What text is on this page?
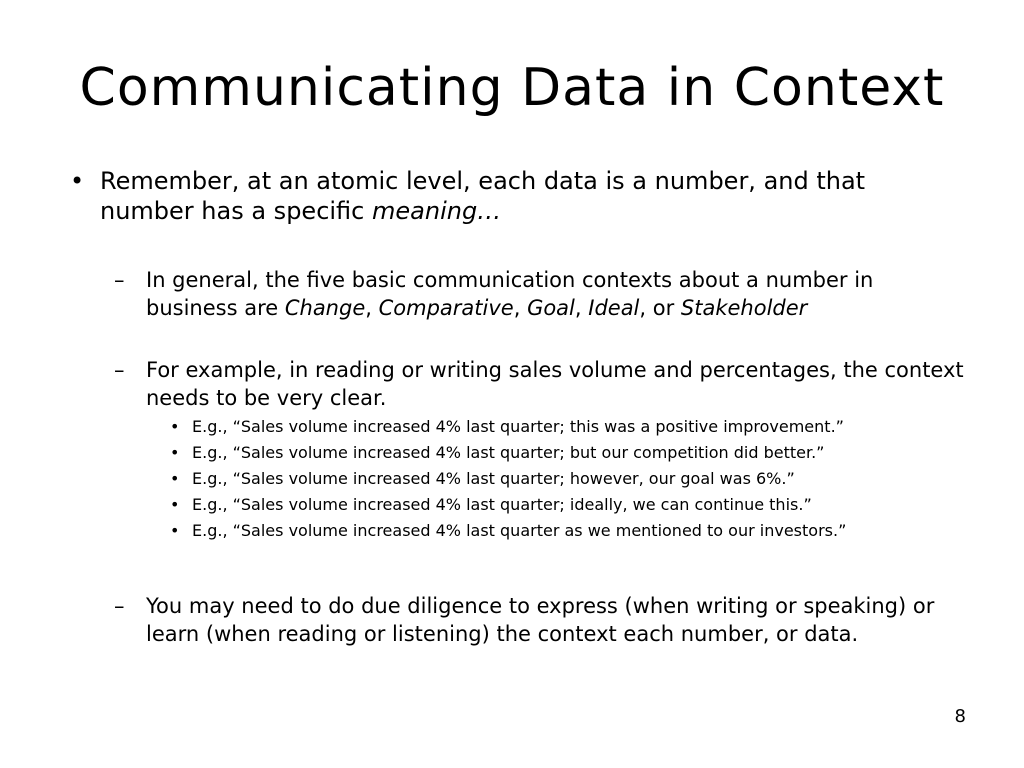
Communicating Data in Context
• Remember, at an atomic level, each data is a number, and that number has a specific meaning…
– In general, the five basic communication contexts about a number in business are Change, Comparative, Goal, Ideal, or Stakeholder
– For example, in reading or writing sales volume and percentages, the context needs to be very clear.
• E.g., “Sales volume increased 4% last quarter; this was a positive improvement.”
• E.g., “Sales volume increased 4% last quarter; but our competition did better.”
• E.g., “Sales volume increased 4% last quarter; however, our goal was 6%.”
• E.g., “Sales volume increased 4% last quarter; ideally, we can continue this.”
• E.g., “Sales volume increased 4% last quarter as we mentioned to our investors.”
– You may need to do due diligence to express (when writing or speaking) or learn (when reading or listening) the context each number, or data.
8
